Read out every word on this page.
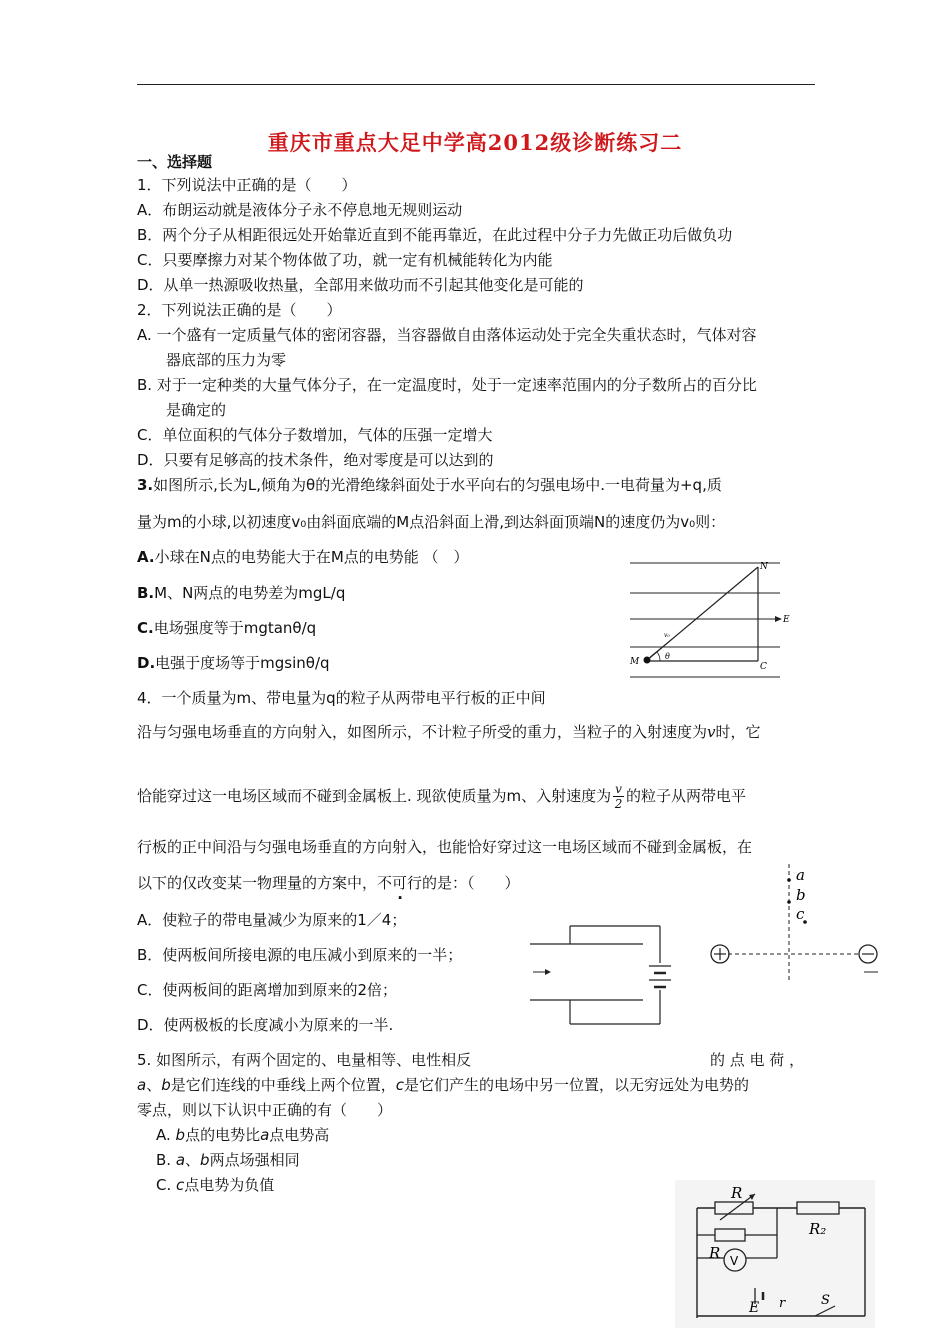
重庆市重点大足中学高2012级诊断练习二
一、选择题
1．下列说法中正确的是（　　）
A．布朗运动就是液体分子永不停息地无规则运动
B．两个分子从相距很远处开始靠近直到不能再靠近，在此过程中分子力先做正功后做负功
C．只要摩擦力对某个物体做了功，就一定有机械能转化为内能
D．从单一热源吸收热量，全部用来做功而不引起其他变化是可能的
2．下列说法正确的是（　　）
A. 一个盛有一定质量气体的密闭容器，当容器做自由落体运动处于完全失重状态时，气体对容
器底部的压力为零
B. 对于一定种类的大量气体分子，在一定温度时，处于一定速率范围内的分子数所占的百分比
是确定的
C．单位面积的气体分子数增加，气体的压强一定增大
D．只要有足够高的技术条件，绝对零度是可以达到的
3.如图所示,长为L,倾角为θ的光滑绝缘斜面处于水平向右的匀强电场中.一电荷量为+q,质
量为m的小球,以初速度v₀由斜面底端的M点沿斜面上滑,到达斜面顶端N的速度仍为v₀则：
A.小球在N点的电势能大于在M点的电势能 （　）
B.M、N两点的电势差为mgL/q
C.电场强度等于mgtanθ/q
D.电强于度场等于mgsinθ/q
N
E
M	C
θ
v₀
4．一个质量为m、带电量为q的粒子从两带电平行板的正中间
沿与匀强电场垂直的方向射入，如图所示，不计粒子所受的重力，当粒子的入射速度为v时，它
恰能穿过这一电场区域而不碰到金属板上. 现欲使质量为m、入射速度为 $\frac{v}{2}$ 的粒子从两带电平
行板的正中间沿与匀强电场垂直的方向射入，也能恰好穿过这一电场区域而不碰到金属板，在
以下的仅改变某一物理量的方案中，不可行的是：（　　）
A．使粒子的带电量减少为原来的1／4；
B．使两板间所接电源的电压减小到原来的一半；
C．使两板间的距离增加到原来的2倍；
D．使两极板的长度减小为原来的一半.
a
b
c
5. 如图所示，有两个固定的、电量相等、电性相反	的 点 电 荷 ，
a、b是它们连线的中垂线上两个位置，c是它们产生的电场中另一位置，以无穷远处为电势的
零点，则以下认识中正确的有（　　）
A. b点的电势比a点电势高
B. a、b两点场强相同
C. c点电势为负值	R
R₂
R V
E r	S
